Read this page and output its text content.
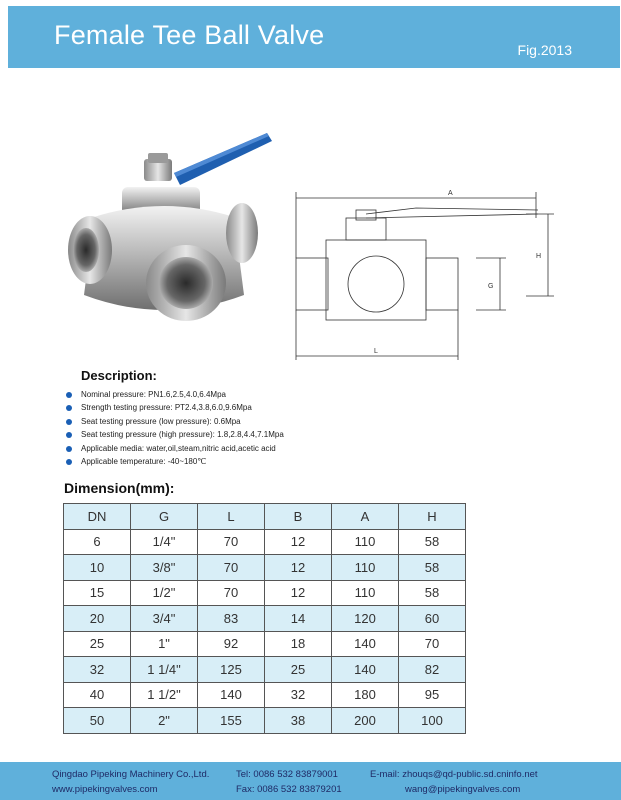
Female Tee Ball Valve	Fig.2013
A
H
G
L
Description:
Nominal pressure: PN1.6,2.5,4.0,6.4Mpa
Strength testing pressure: PT2.4,3.8,6.0,9.6Mpa
Seat testing pressure (low pressure): 0.6Mpa
Seat testing pressure (high pressure): 1.8,2.8,4.4,7.1Mpa
Applicable media: water,oil,steam,nitric acid,acetic acid
Applicable temperature: -40~180℃
Dimension(mm):
DN	G	L	B	A	H
6	1/4"	70	12	110	58
10	3/8"	70	12	110	58
15	1/2"	70	12	110	58
20	3/4"	83	14	120	60
25	1"	92	18	140	70
32	1 1/4"	125	25	140	82
40	1 1/2"	140	32	180	95
50	2"	155	38	200	100
Qingdao Pipeking Machinery Co.,Ltd.
www.pipekingvalves.com
Tel: 0086 532 83879001
Fax: 0086 532 83879201
E-mail: zhouqs@qd-public.sd.cninfo.net
wang@pipekingvalves.com
